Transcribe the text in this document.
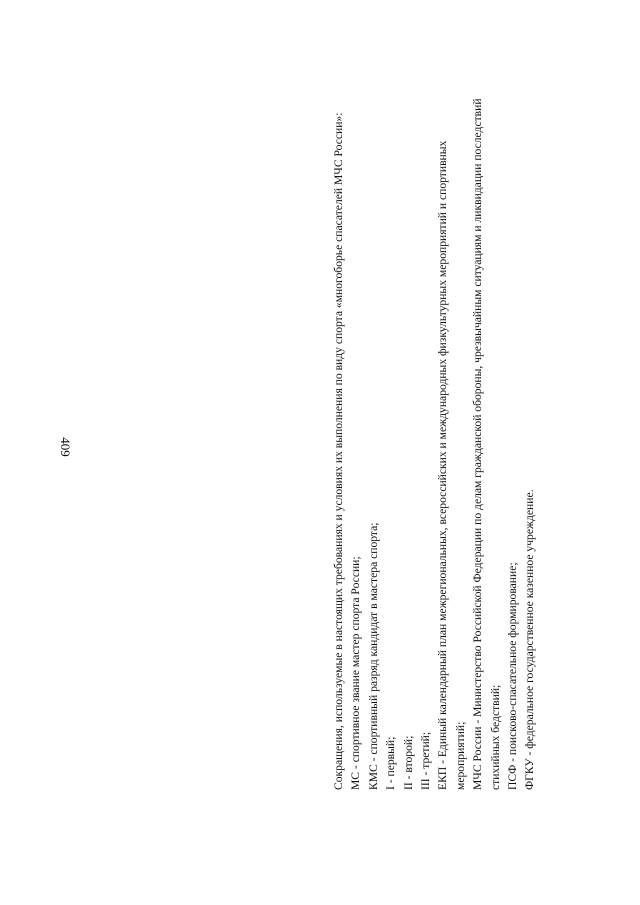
409	Сокращения, используемые в настоящих требованиях и условиях их выполнения по виду спорта «многоборье спасателей МЧС России»: МС - спортивное звание мастер спорта России; КМС - спортивный разряд кандидат в мастера спорта; I - первый; II - второй; III - третий; ЕКП - Единый календарный план межрегиональных, всероссийских и международных физкультурных мероприятий и спортивных мероприятий; МЧС России - Министерство Российской Федерации по делам гражданской обороны, чрезвычайным ситуациям и ликвидации последствий стихийных бедствий; ПСФ - поисково-спасательное формирование; ФГКУ - федеральное государственное казенное учреждение.
